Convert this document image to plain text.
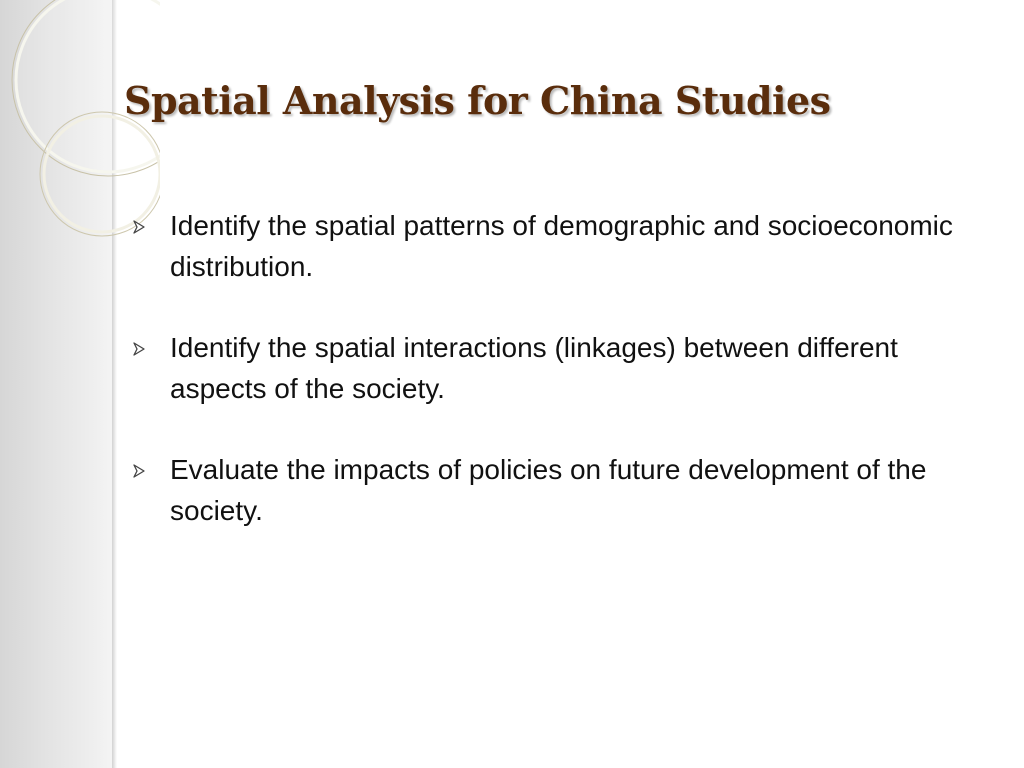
Spatial Analysis for China Studies
Identify the spatial patterns of demographic and socioeconomic distribution.
Identify the spatial interactions (linkages) between different aspects of the society.
Evaluate the impacts of policies on future development of the society.
